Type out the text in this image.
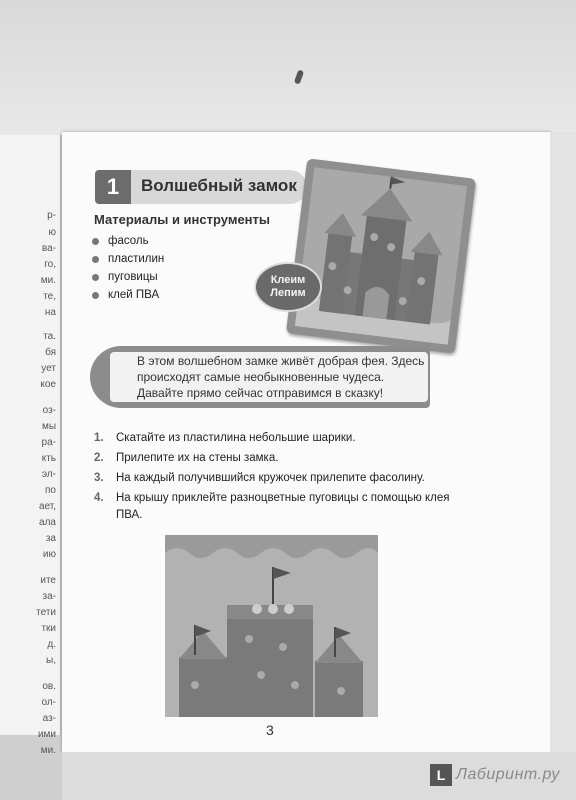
р-
ю
ва-
го,
ми.
те,
на
та.
бя
ует
кое
оз-
мы
ра-
кть
эл-
по
ает,
ала
за
ию
ите
за-
тети
тки
д.
ы,
ов.
ол-
аз-
ими
ми.
1	Волшебный замок
Материалы и инструменты
фасоль
пластилин
пуговицы
клей ПВА
Клеим
Лепим
В этом волшебном замке живёт добрая фея. Здесь происходят самые необыкновенные чудеса. Давайте прямо сейчас отправимся в сказку!
1.	Скатайте из пластилина небольшие шарики.
2.	Прилепите их на стены замка.
3.	На каждый получившийся кружочек прилепите фасолину.
4.	На крышу приклейте разноцветные пуговицы с помощью клея ПВА.
3
L Лабиринт.ру
